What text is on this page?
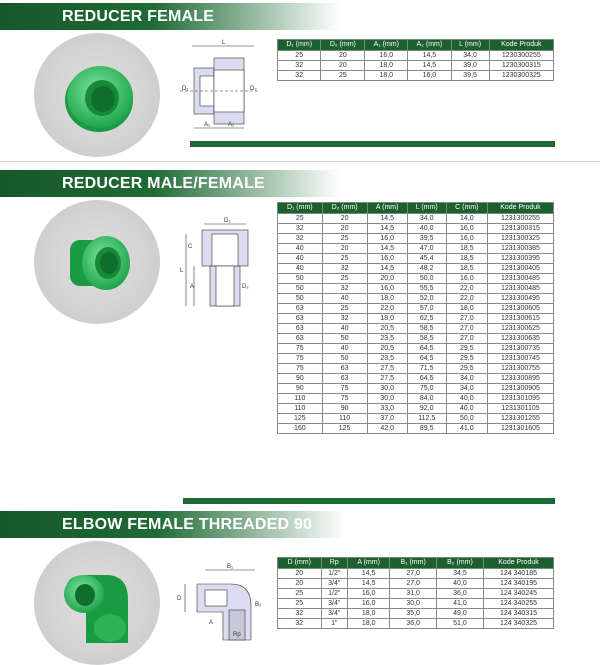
REDUCER FEMALE
L
A₁	A₂
D₁	D₂
D₁ (mm)	D₂ (mm)	A₁ (mm)	A₂ (mm)	L (mm)	Kode Produk
25	20	16,0	14,5	34,0	1230300255
32	20	18,0	14,5	39,0	1230300315
32	25	18,0	16,0	39,5	1230300325
REDUCER MALE/FEMALE
D₁
C
L
A	D₂
D₁ (mm)	D₂ (mm)	A (mm)	L (mm)	C (mm)	Kode Produk
25	20	14,5	34,0	14,0	1231300255
32	20	14,5	40,0	16,0	1231300315
32	25	16,0	39,5	16,0	1231300325
40	20	14,5	47,0	18,5	1231300385
40	25	16,0	45,4	18,5	1231300395
40	32	14,5	48,2	18,5	1231300405
50	25	20,0	50,0	16,0	1231300485
50	32	16,0	55,5	22,0	1231300485
50	40	18,0	52,0	22,0	1231300495
63	25	22,0	57,0	18,0	1231300605
63	32	18,0	62,5	27,0	1231300615
63	40	20,5	58,5	27,0	1231300625
63	50	23,5	58,5	27,0	1231300635
75	40	20,5	64,5	29,5	1231300735
75	50	23,5	64,5	29,5	1231300745
75	63	27,5	71,5	29,5	1231300755
90	63	27,5	64,5	34,0	1231300895
90	75	30,0	75,0	34,0	1231300905
110	75	30,0	84,0	40,0	1231301095
110	90	33,0	92,0	40,0	1231301105
125	110	37,0	112,5	50,0	1231301255
160	125	42,0	89,5	41,0	1231301605
ELBOW FEMALE THREADED 90
B₁
D
A
B₂
Rp
D (mm)	Rp	A (mm)	B₁ (mm)	B₂ (mm)	Kode Produk
20	1/2"	14,5	27,0	34,5	124 340185
20	3/4"	14,5	27,0	40,0	124 340195
25	1/2"	16,0	31,0	36,0	124 340245
25	3/4"	16,0	30,0	41,0	124 340255
32	3/4"	18,0	35,0	49,0	124 340315
32	1"	18,0	36,0	51,0	124 340325
